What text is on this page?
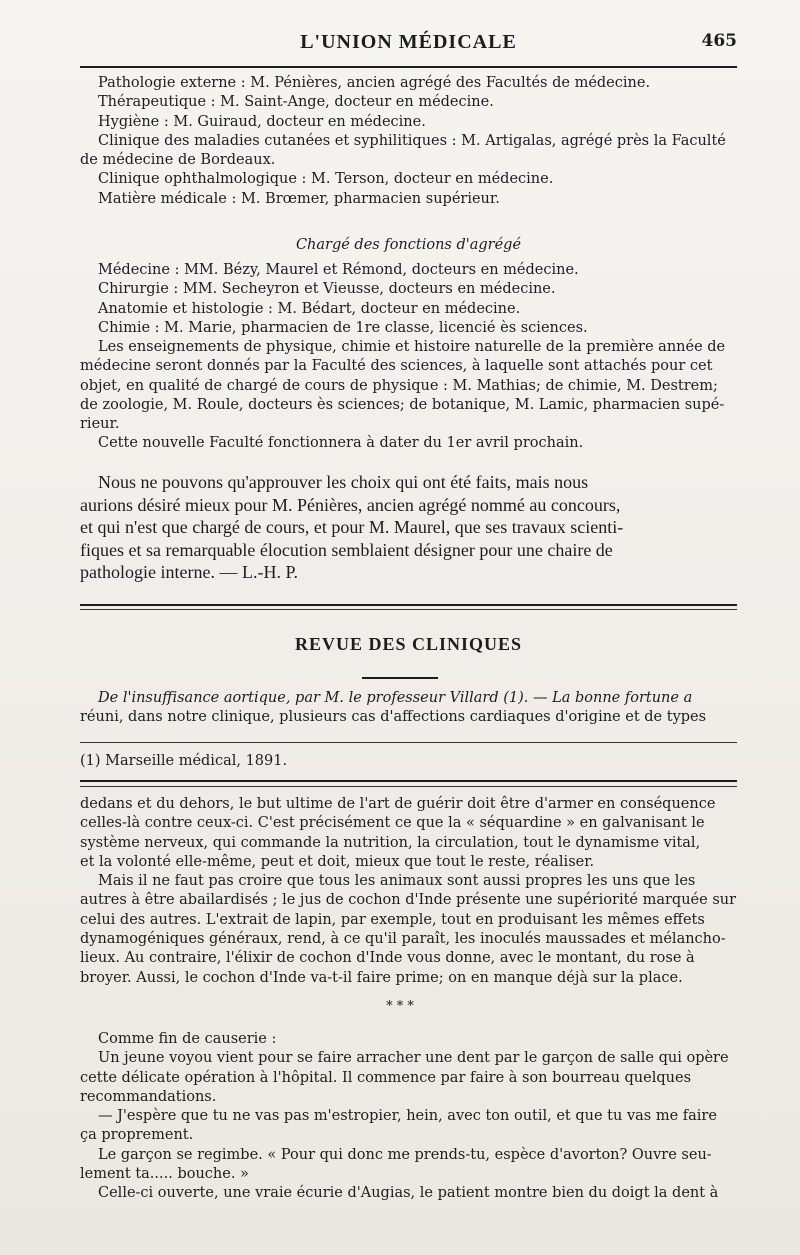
L'UNION MÉDICALE	465
Pathologie externe : M. Pénières, ancien agrégé des Facultés de médecine.
Thérapeutique : M. Saint-Ange, docteur en médecine.
Hygiène : M. Guiraud, docteur en médecine.
Clinique des maladies cutanées et syphilitiques : M. Artigalas, agrégé près la Faculté
de médecine de Bordeaux.
Clinique ophthalmologique : M. Terson, docteur en médecine.
Matière médicale : M. Brœmer, pharmacien supérieur.
Chargé des fonctions d'agrégé
Médecine : MM. Bézy, Maurel et Rémond, docteurs en médecine.
Chirurgie : MM. Secheyron et Vieusse, docteurs en médecine.
Anatomie et histologie : M. Bédart, docteur en médecine.
Chimie : M. Marie, pharmacien de 1re classe, licencié ès sciences.
Les enseignements de physique, chimie et histoire naturelle de la première année de
médecine seront donnés par la Faculté des sciences, à laquelle sont attachés pour cet
objet, en qualité de chargé de cours de physique : M. Mathias; de chimie, M. Destrem;
de zoologie, M. Roule, docteurs ès sciences; de botanique, M. Lamic, pharmacien supé-
rieur.
Cette nouvelle Faculté fonctionnera à dater du 1er avril prochain.
Nous ne pouvons qu'approuver les choix qui ont été faits, mais nous
aurions désiré mieux pour M. Pénières, ancien agrégé nommé au concours,
et qui n'est que chargé de cours, et pour M. Maurel, que ses travaux scienti-
fiques et sa remarquable élocution semblaient désigner pour une chaire de
pathologie interne. — L.-H. P.
REVUE DES CLINIQUES
De l'insuffisance aortique, par M. le professeur Villard (1). — La bonne fortune a
réuni, dans notre clinique, plusieurs cas d'affections cardiaques d'origine et de types
(1) Marseille médical, 1891.
dedans et du dehors, le but ultime de l'art de guérir doit être d'armer en conséquence
celles-là contre ceux-ci. C'est précisément ce que la « séquardine » en galvanisant le
système nerveux, qui commande la nutrition, la circulation, tout le dynamisme vital,
et la volonté elle-même, peut et doit, mieux que tout le reste, réaliser.
Mais il ne faut pas croire que tous les animaux sont aussi propres les uns que les
autres à être abailardisés ; le jus de cochon d'Inde présente une supériorité marquée sur
celui des autres. L'extrait de lapin, par exemple, tout en produisant les mêmes effets
dynamogéniques généraux, rend, à ce qu'il paraît, les inoculés maussades et mélancho-
lieux. Au contraire, l'élixir de cochon d'Inde vous donne, avec le montant, du rose à
broyer. Aussi, le cochon d'Inde va-t-il faire prime; on en manque déjà sur la place.
* * *
Comme fin de causerie :
Un jeune voyou vient pour se faire arracher une dent par le garçon de salle qui opère
cette délicate opération à l'hôpital. Il commence par faire à son bourreau quelques
recommandations.
— J'espère que tu ne vas pas m'estropier, hein, avec ton outil, et que tu vas me faire
ça proprement.
Le garçon se regimbe. « Pour qui donc me prends-tu, espèce d'avorton? Ouvre seu-
lement ta..... bouche. »
Celle-ci ouverte, une vraie écurie d'Augias, le patient montre bien du doigt la dent à
